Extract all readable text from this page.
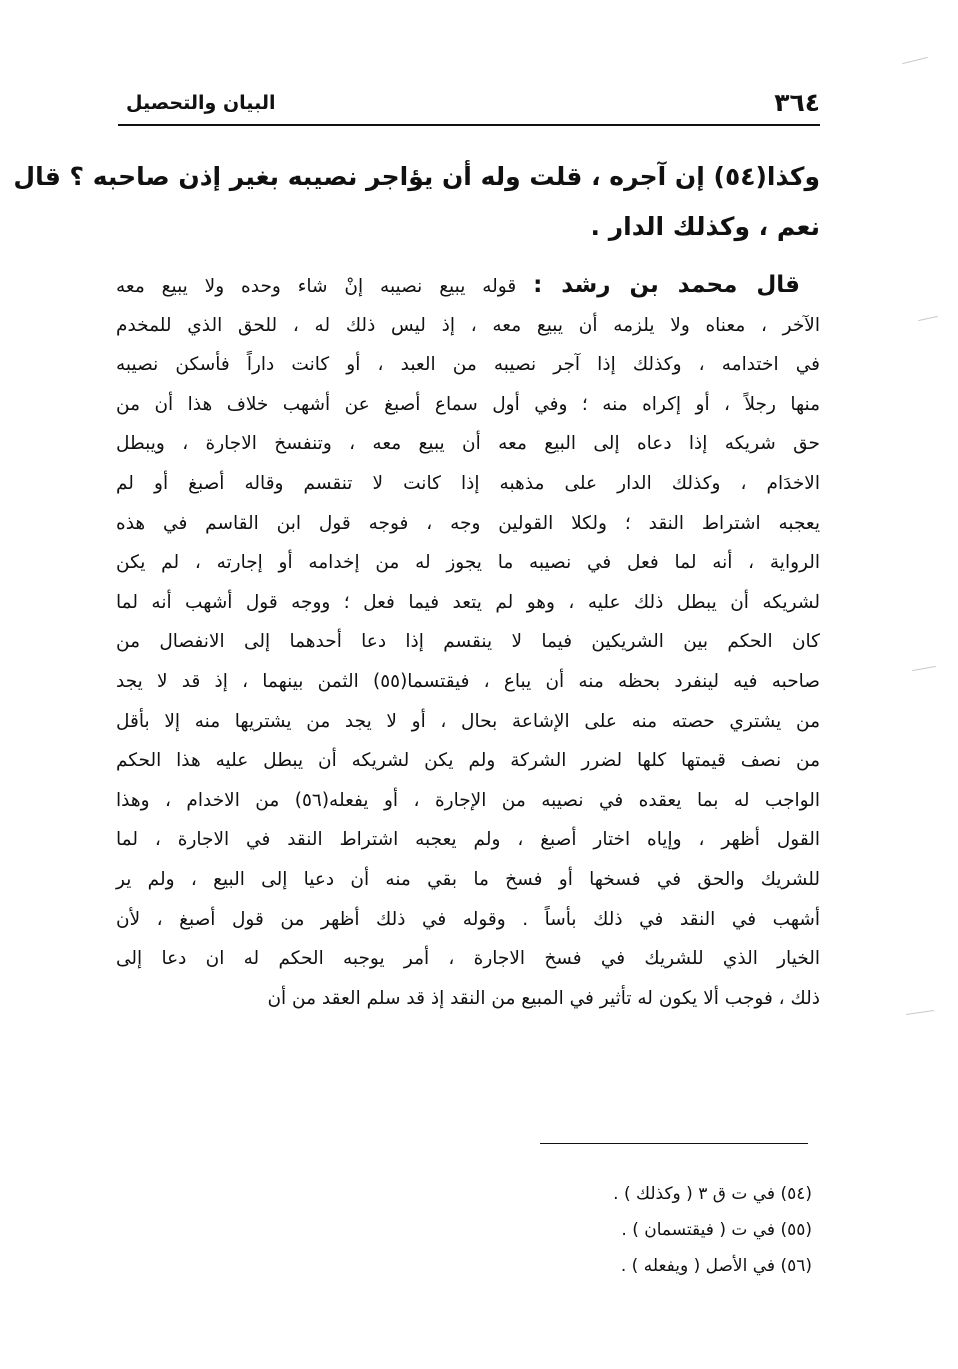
٣٦٤
البيان والتحصيل
وكذا(٥٤) إن آجره ، قلت وله أن يؤاجر نصيبه بغير إذن صاحبه ؟ قال
نعم ، وكذلك الدار .
قال محمد بن رشد : قوله يبيع نصيبه إنْ شاء وحده ولا يبيع معه
الآخر ، معناه ولا يلزمه أن يبيع معه ، إذ ليس ذلك له ، للحق الذي للمخدم
في اختدامه ، وكذلك إذا آجر نصيبه من العبد ، أو كانت داراً فأسكن نصيبه
منها رجلاً ، أو إكراه منه ؛ وفي أول سماع أصبغ عن أشهب خلاف هذا أن من
حق شريكه إذا دعاه إلى البيع معه أن يبيع معه ، وتنفسخ الاجارة ، ويبطل
الاخدَام ، وكذلك الدار على مذهبه إذا كانت لا تنقسم وقاله أصبغ أو لم
يعجبه اشتراط النقد ؛ ولكلا القولين وجه ، فوجه قول ابن القاسم في هذه
الرواية ، أنه لما فعل في نصيبه ما يجوز له من إخدامه أو إجارته ، لم يكن
لشريكه أن يبطل ذلك عليه ، وهو لم يتعد فيما فعل ؛ ووجه قول أشهب أنه لما
كان الحكم بين الشريكين فيما لا ينقسم إذا دعا أحدهما إلى الانفصال من
صاحبه فيه لينفرد بحظه منه أن يباع ، فيقتسما(٥٥) الثمن بينهما ، إذ قد لا يجد
من يشتري حصته منه على الإشاعة بحال ، أو لا يجد من يشتريها منه إلا بأقل
من نصف قيمتها كلها لضرر الشركة ولم يكن لشريكه أن يبطل عليه هذا الحكم
الواجب له بما يعقده في نصيبه من الإجارة ، أو يفعله(٥٦) من الاخدام ، وهذا
القول أظهر ، وإياه اختار أصبغ ، ولم يعجبه اشتراط النقد في الاجارة ، لما
للشريك والحق في فسخها أو فسخ ما بقي منه أن دعيا إلى البيع ، ولم ير
أشهب في النقد في ذلك بأساً . وقوله في ذلك أظهر من قول أصبغ ، لأن
الخيار الذي للشريك في فسخ الاجارة ، أمر يوجبه الحكم له ان دعا إلى
ذلك ، فوجب ألا يكون له تأثير في المبيع من النقد إذ قد سلم العقد من أن
(٥٤) في ت ق ٣ ( وكذلك ) .
(٥٥) في ت ( فيقتسمان ) .
(٥٦) في الأصل ( ويفعله ) .
